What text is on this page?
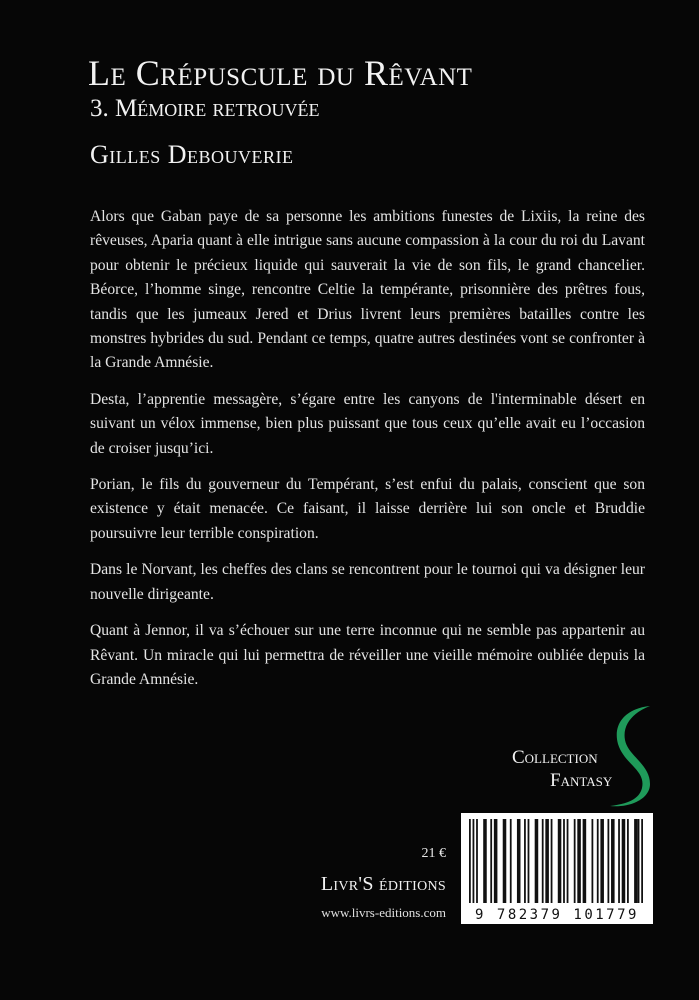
Le Crépuscule du Rêvant
3. Mémoire retrouvée
Gilles Debouverie

Alors que Gaban paye de sa personne les ambitions funestes de Lixiis, la reine des rêveuses, Aparia quant à elle intrigue sans aucune compassion à la cour du roi du Lavant pour obtenir le précieux liquide qui sauverait la vie de son fils, le grand chancelier. Béorce, l’homme singe, rencontre Celtie la tempérante, prisonnière des prêtres fous, tandis que les jumeaux Jered et Drius livrent leurs premières batailles contre les monstres hybrides du sud. Pendant ce temps, quatre autres destinées vont se confronter à la Grande Amnésie.

Desta, l’apprentie messagère, s’égare entre les canyons de l'interminable désert en suivant un vélox immense, bien plus puissant que tous ceux qu’elle avait eu l’occasion de croiser jusqu’ici.

Porian, le fils du gouverneur du Tempérant, s’est enfui du palais, conscient que son existence y était menacée. Ce faisant, il laisse derrière lui son oncle et Bruddie poursuivre leur terrible conspiration.

Dans le Norvant, les cheffes des clans se rencontrent pour le tournoi qui va désigner leur nouvelle dirigeante.

Quant à Jennor, il va s’échouer sur une terre inconnue qui ne semble pas appartenir au Rêvant. Un miracle qui lui permettra de réveiller une vieille mémoire oubliée depuis la Grande Amnésie.

Collection
Fantasy
21 €
Livr'S éditions
www.livrs-editions.com	9 782379 101779
